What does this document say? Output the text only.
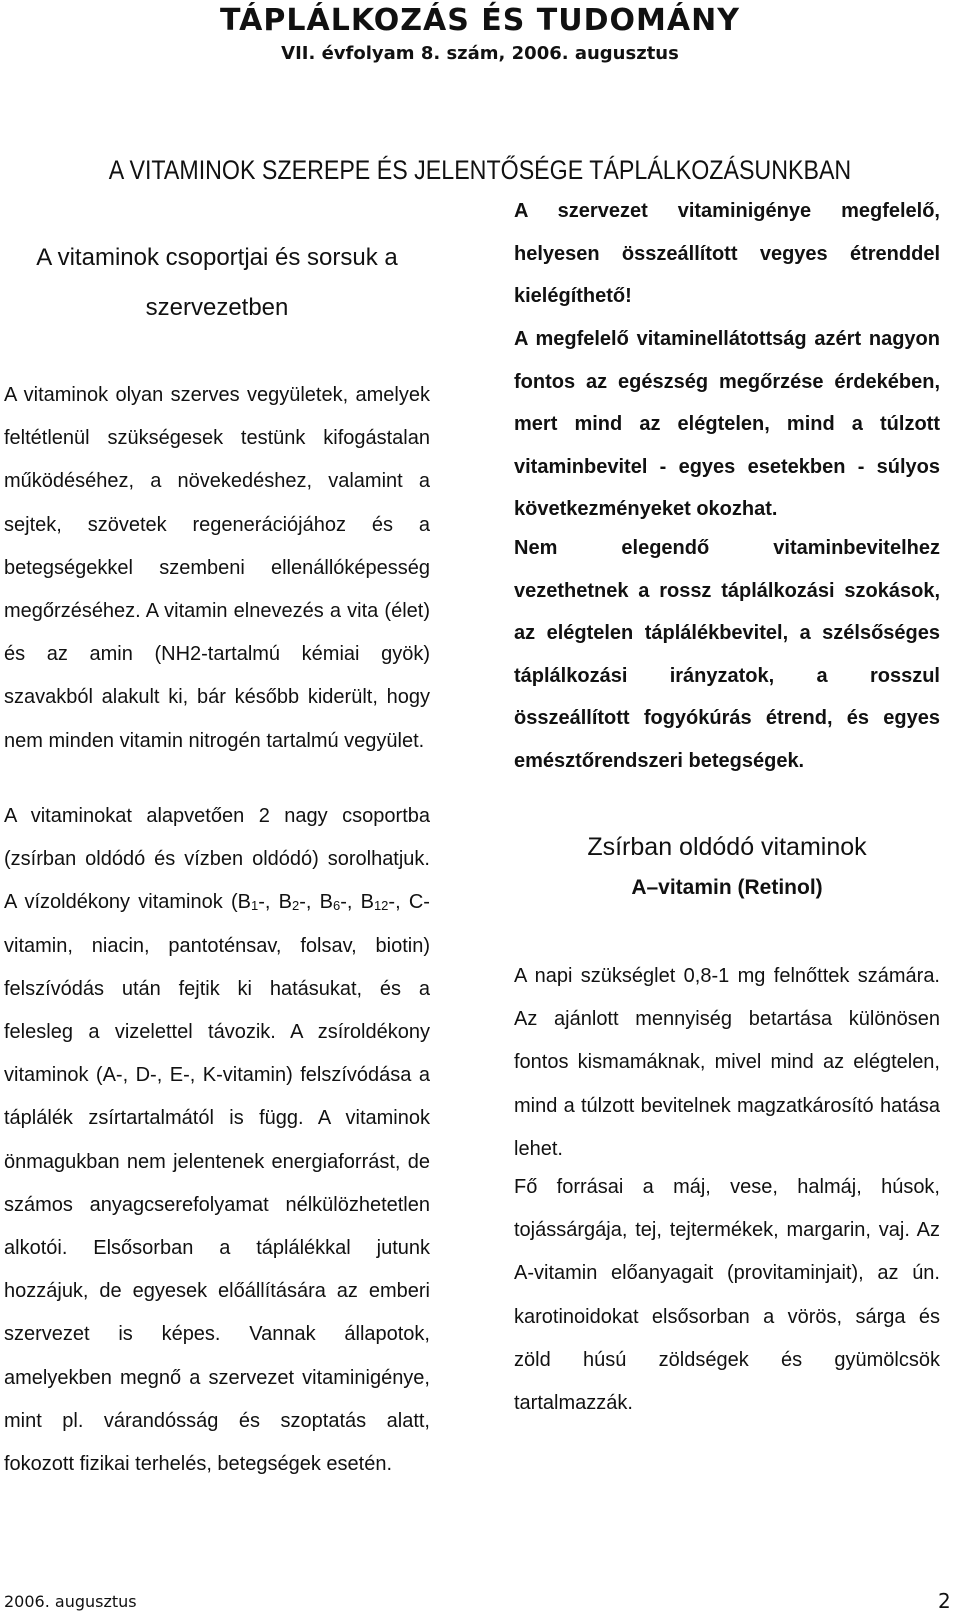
TÁPLÁLKOZÁS ÉS TUDOMÁNY
VII. évfolyam 8. szám, 2006. augusztus
A VITAMINOK SZEREPE ÉS JELENTŐSÉGE TÁPLÁLKOZÁSUNKBAN

A vitaminok csoportjai és sorsuk a szervezetben

A vitaminok olyan szerves vegyületek, amelyek feltétlenül szükségesek testünk kifogástalan működéséhez, a növekedéshez, valamint a sejtek, szövetek regenerációjához és a betegségekkel szembeni ellenállóképesség megőrzéséhez. A vitamin elnevezés a vita (élet) és az amin (NH2-tartalmú kémiai gyök) szavakból alakult ki, bár később kiderült, hogy nem minden vitamin nitrogén tartalmú vegyület.

A vitaminokat alapvetően 2 nagy csoportba (zsírban oldódó és vízben oldódó) sorolhatjuk. A vízoldékony vitaminok ($B_1-$, $B_2-$, $B_6-$, $B_{12}-$, C-vitamin, niacin, pantoténsav, folsav, biotin) felszívódás után fejtik ki hatásukat, és a felesleg a vizelettel távozik. A zsíroldékony vitaminok (A-, D-, E-, K-vitamin) felszívódása a táplálék zsírtartalmától is függ. A vitaminok önmagukban nem jelentenek energiaforrást, de számos anyagcserefolyamat nélkülözhetetlen alkotói. Elsősorban a táplálékkal jutunk hozzájuk, de egyesek előállítására az emberi szervezet is képes. Vannak állapotok, amelyekben megnő a szervezet vitaminigénye, mint pl. várandósság és szoptatás alatt, fokozott fizikai terhelés, betegségek esetén.

A szervezet vitaminigénye megfelelő, helyesen összeállított vegyes étrenddel kielégíthető!

A megfelelő vitaminellátottság azért nagyon fontos az egészség megőrzése érdekében, mert mind az elégtelen, mind a túlzott vitaminbevitel - egyes esetekben - súlyos következményeket okozhat.

Nem elegendő vitaminbevitelhez vezethetnek a rossz táplálkozási szokások, az elégtelen táplálékbevitel, a szélsőséges táplálkozási irányzatok, a rosszul összeállított fogyókúrás étrend, és egyes emésztőrendszeri betegségek.

Zsírban oldódó vitaminok

A–vitamin (Retinol)

A napi szükséglet 0,8-1 mg felnőttek számára. Az ajánlott mennyiség betartása különösen fontos kismamáknak, mivel mind az elégtelen, mind a túlzott bevitelnek magzatkárosító hatása lehet.

Fő forrásai a máj, vese, halmáj, húsok, tojássárgája, tej, tejtermékek, margarin, vaj. Az A-vitamin előanyagait (provitaminjait), az ún. karotinoidokat elsősorban a vörös, sárga és zöld húsú zöldségek és gyümölcsök tartalmazzák.

2006. augusztus	2
